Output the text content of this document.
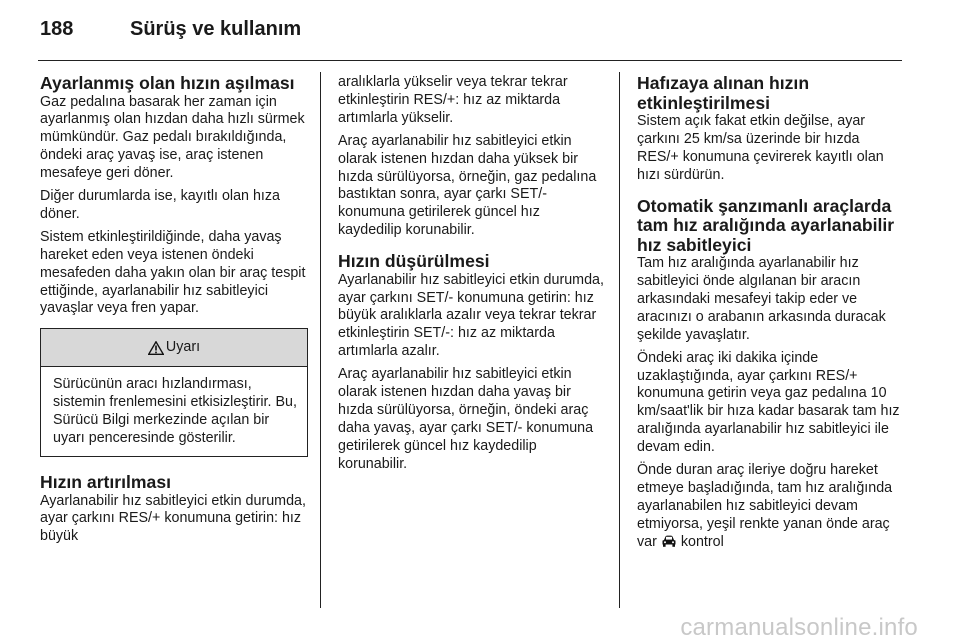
188	Sürüş ve kullanım
Ayarlanmış olan hızın aşılması

Gaz pedalına basarak her zaman için ayarlanmış olan hızdan daha hızlı sürmek mümkündür. Gaz pedalı bırakıldığında, öndeki araç yavaş ise, araç istenen mesafeye geri döner.

Diğer durumlarda ise, kayıtlı olan hıza döner.

Sistem etkinleştirildiğinde, daha yavaş hareket eden veya istenen öndeki mesafeden daha yakın olan bir araç tespit ettiğinde, ayarlanabilir hız sabitleyici yavaşlar veya fren yapar.

Uyarı
Sürücünün aracı hızlandırması, sistemin frenlemesini etkisizleştirir. Bu, Sürücü Bilgi merkezinde açılan bir uyarı penceresinde gösterilir.
Hızın artırılması

Ayarlanabilir hız sabitleyici etkin durumda, ayar çarkını RES/+ konumuna getirin: hız büyük

aralıklarla yükselir veya tekrar tekrar etkinleştirin RES/+: hız az miktarda artımlarla yükselir.

Araç ayarlanabilir hız sabitleyici etkin olarak istenen hızdan daha yüksek bir hızda sürülüyorsa, örneğin, gaz pedalına bastıktan sonra, ayar çarkı SET/- konumuna getirilerek güncel hız kaydedilip korunabilir.

Hızın düşürülmesi

Ayarlanabilir hız sabitleyici etkin durumda, ayar çarkını SET/- konumuna getirin: hız büyük aralıklarla azalır veya tekrar tekrar etkinleştirin SET/-: hız az miktarda artımlarla azalır.

Araç ayarlanabilir hız sabitleyici etkin olarak istenen hızdan daha yavaş bir hızda sürülüyorsa, örneğin, öndeki araç daha yavaş, ayar çarkı SET/- konumuna getirilerek güncel hız kaydedilip korunabilir.

Hafızaya alınan hızın etkinleştirilmesi

Sistem açık fakat etkin değilse, ayar çarkını 25 km/sa üzerinde bir hızda RES/+ konumuna çevirerek kayıtlı olan hızı sürdürün.

Otomatik şanzımanlı araçlarda tam hız aralığında ayarlanabilir hız sabitleyici

Tam hız aralığında ayarlanabilir hız sabitleyici önde algılanan bir aracın arkasındaki mesafeyi takip eder ve aracınızı o arabanın arkasında duracak şekilde yavaşlatır.

Öndeki araç iki dakika içinde uzaklaştığında, ayar çarkını RES/+ konumuna getirin veya gaz pedalına 10 km/saat'lik bir hıza kadar basarak tam hız aralığında ayarlanabilir hız sabitleyici ile devam edin.

Önde duran araç ileriye doğru hareket etmeye başladığında, tam hız aralığında ayarlanabilen hız sabitleyici devam etmiyorsa, yeşil renkte yanan önde araç var kontrol

carmanualsonline.info
